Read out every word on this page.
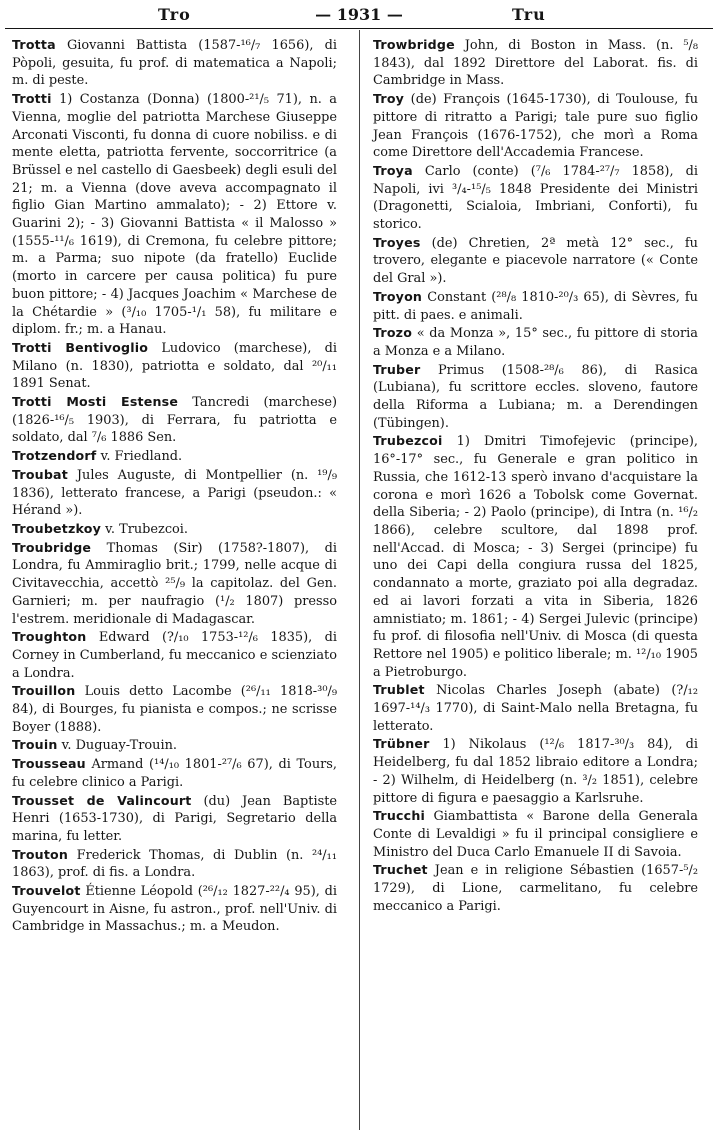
Tro	— 1931 —	Tru

Trotta Giovanni Battista (1587-¹⁶/₇ 1656), di Pòpoli, gesuita, fu prof. di matematica a Napoli; m. di peste.

Trotti 1) Costanza (Donna) (1800-²¹/₅ 71), n. a Vienna, moglie del patriotta Marchese Giuseppe Arconati Visconti, fu donna di cuore nobiliss. e di mente eletta, patriotta fervente, soccorritrice (a Brüssel e nel castello di Gaesbeek) degli esuli del 21; m. a Vienna (dove aveva accompagnato il figlio Gian Martino ammalato); - 2) Ettore v. Guarini 2); - 3) Giovanni Battista « il Malosso » (1555-¹¹/₆ 1619), di Cremona, fu celebre pittore; m. a Parma; suo nipote (da fratello) Euclide (morto in carcere per causa politica) fu pure buon pittore; - 4) Jacques Joachim « Marchese de la Chétardie » (³/₁₀ 1705-¹/₁ 58), fu militare e diplom. fr.; m. a Hanau.

Trotti Bentivoglio Ludovico (marchese), di Milano (n. 1830), patriotta e soldato, dal ²⁰/₁₁ 1891 Senat.

Trotti Mosti Estense Tancredi (marchese) (1826-¹⁶/₅ 1903), di Ferrara, fu patriotta e soldato, dal ⁷/₆ 1886 Sen.

Trotzendorf v. Friedland.

Troubat Jules Auguste, di Montpellier (n. ¹⁹/₉ 1836), letterato francese, a Parigi (pseudon.: « Hérand »).

Troubetzkoy v. Trubezcoi.

Troubridge Thomas (Sir) (1758?-1807), di Londra, fu Ammiraglio brit.; 1799, nelle acque di Civitavecchia, accettò ²⁵/₉ la capitolaz. del Gen. Garnieri; m. per naufragio (¹/₂ 1807) presso l'estrem. meridionale di Madagascar.

Troughton Edward (?/₁₀ 1753-¹²/₆ 1835), di Corney in Cumberland, fu meccanico e scienziato a Londra.

Trouillon Louis detto Lacombe (²⁶/₁₁ 1818-³⁰/₉ 84), di Bourges, fu pianista e compos.; ne scrisse Boyer (1888).

Trouin v. Duguay-Trouin.

Trousseau Armand (¹⁴/₁₀ 1801-²⁷/₆ 67), di Tours, fu celebre clinico a Parigi.

Trousset de Valincourt (du) Jean Baptiste Henri (1653-1730), di Parigi, Segretario della marina, fu letter.

Trouton Frederick Thomas, di Dublin (n. ²⁴/₁₁ 1863), prof. di fis. a Londra.

Trouvelot Étienne Léopold (²⁶/₁₂ 1827-²²/₄ 95), di Guyencourt in Aisne, fu astron., prof. nell'Univ. di Cambridge in Massachus.; m. a Meudon.

Trowbridge John, di Boston in Mass. (n. ⁵/₈ 1843), dal 1892 Direttore del Laborat. fis. di Cambridge in Mass.

Troy (de) François (1645-1730), di Toulouse, fu pittore di ritratto a Parigi; tale pure suo figlio Jean François (1676-1752), che morì a Roma come Direttore dell'Accademia Francese.

Troya Carlo (conte) (⁷/₆ 1784-²⁷/₇ 1858), di Napoli, ivi ³/₄-¹⁵/₅ 1848 Presidente dei Ministri (Dragonetti, Scialoia, Imbriani, Conforti), fu storico.

Troyes (de) Chretien, 2ª metà 12° sec., fu trovero, elegante e piacevole narratore (« Conte del Gral »).

Troyon Constant (²⁸/₈ 1810-²⁰/₃ 65), di Sèvres, fu pitt. di paes. e animali.

Trozo « da Monza », 15° sec., fu pittore di storia a Monza e a Milano.

Truber Primus (1508-²⁸/₆ 86), di Rasica (Lubiana), fu scrittore eccles. sloveno, fautore della Riforma a Lubiana; m. a Derendingen (Tübingen).

Trubezcoi 1) Dmitri Timofejevic (principe), 16°-17° sec., fu Generale e gran politico in Russia, che 1612-13 sperò invano d'acquistare la corona e morì 1626 a Tobolsk come Governat. della Siberia; - 2) Paolo (principe), di Intra (n. ¹⁶/₂ 1866), celebre scultore, dal 1898 prof. nell'Accad. di Mosca; - 3) Sergei (principe) fu uno dei Capi della congiura russa del 1825, condannato a morte, graziato poi alla degradaz. ed ai lavori forzati a vita in Siberia, 1826 amnistiato; m. 1861; - 4) Sergei Julevic (principe) fu prof. di filosofia nell'Univ. di Mosca (di questa Rettore nel 1905) e politico liberale; m. ¹²/₁₀ 1905 a Pietroburgo.

Trublet Nicolas Charles Joseph (abate) (?/₁₂ 1697-¹⁴/₃ 1770), di Saint-Malo nella Bretagna, fu letterato.

Trübner 1) Nikolaus (¹²/₆ 1817-³⁰/₃ 84), di Heidelberg, fu dal 1852 libraio editore a Londra; - 2) Wilhelm, di Heidelberg (n. ³/₂ 1851), celebre pittore di figura e paesaggio a Karlsruhe.

Trucchi Giambattista « Barone della Generala Conte di Levaldigi » fu il principal consigliere e Ministro del Duca Carlo Emanuele II di Savoia.

Truchet Jean e in religione Sébastien (1657-⁵/₂ 1729), di Lione, carmelitano, fu celebre meccanico a Parigi.
